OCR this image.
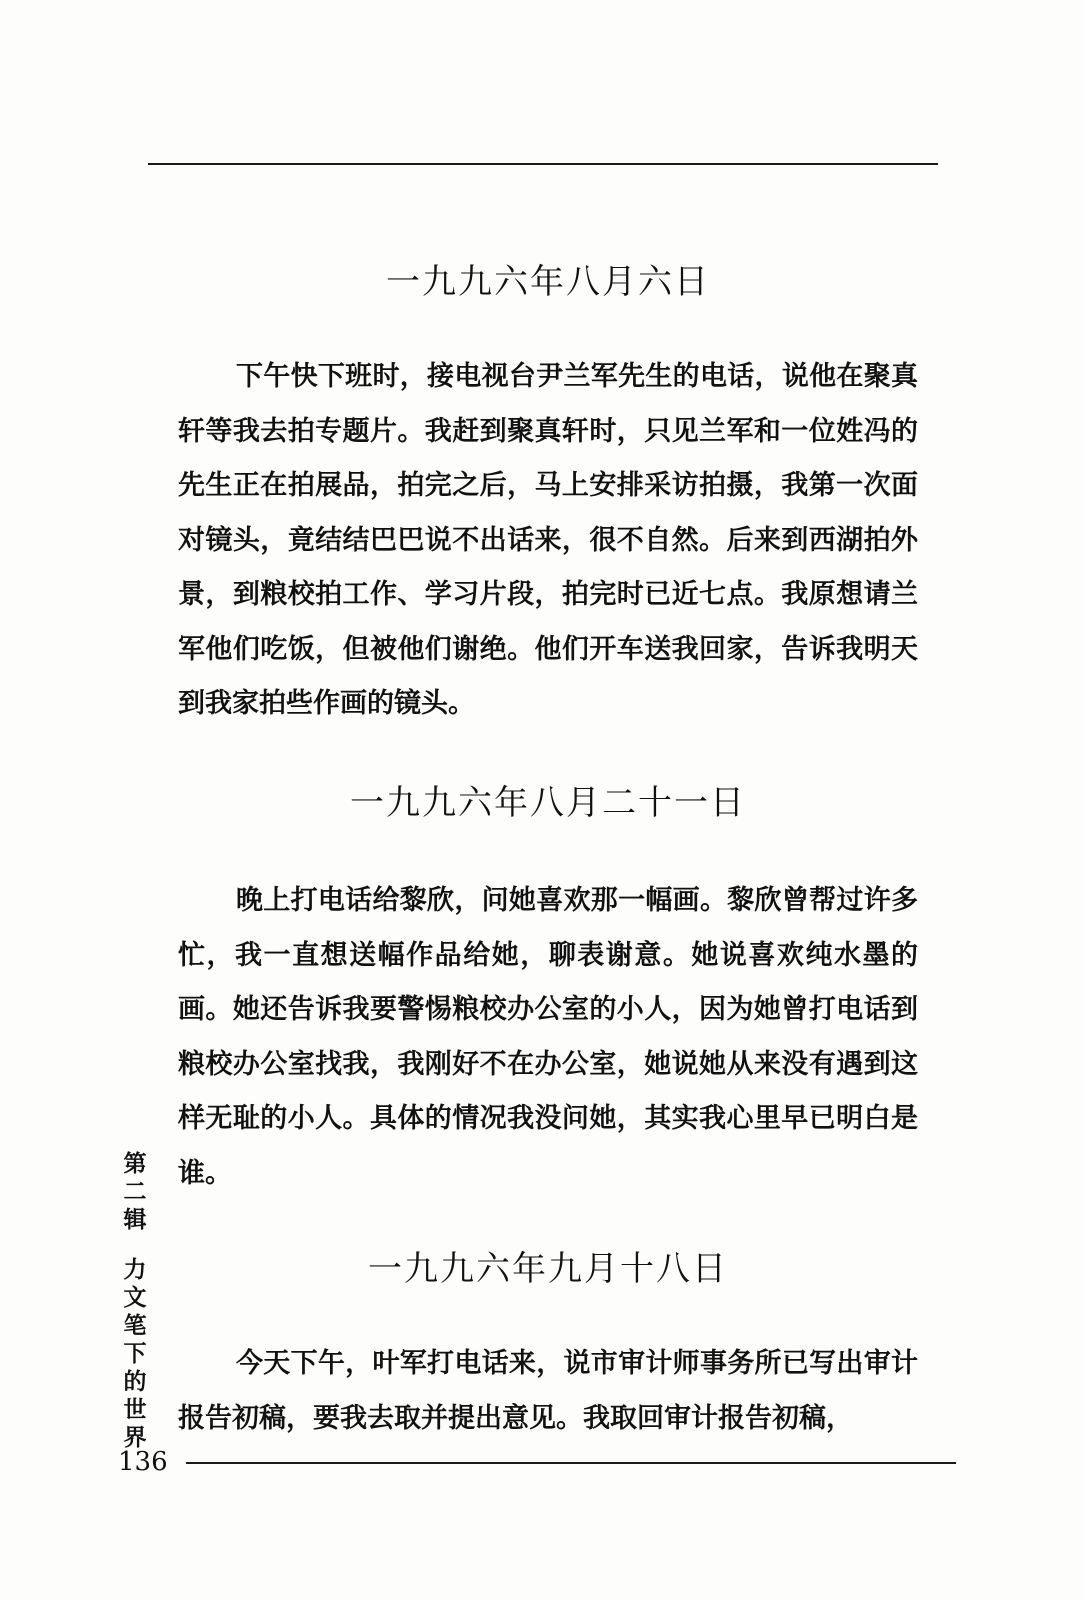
一九九六年八月六日

下午快下班时，接电视台尹兰军先生的电话，说他在聚真轩等我去拍专题片。我赶到聚真轩时，只见兰军和一位姓冯的先生正在拍展品，拍完之后，马上安排采访拍摄，我第一次面对镜头，竟结结巴巴说不出话来，很不自然。后来到西湖拍外景，到粮校拍工作、学习片段，拍完时已近七点。我原想请兰军他们吃饭，但被他们谢绝。他们开车送我回家，告诉我明天到我家拍些作画的镜头。

一九九六年八月二十一日

晚上打电话给黎欣，问她喜欢那一幅画。黎欣曾帮过许多忙，我一直想送幅作品给她，聊表谢意。她说喜欢纯水墨的画。她还告诉我要警惕粮校办公室的小人，因为她曾打电话到粮校办公室找我，我刚好不在办公室，她说她从来没有遇到这样无耻的小人。具体的情况我没问她，其实我心里早已明白是谁。

一九九六年九月十八日

今天下午，叶军打电话来，说市审计师事务所已写出审计报告初稿，要我去取并提出意见。我取回审计报告初稿，

第二辑
力文笔下的世界
136
